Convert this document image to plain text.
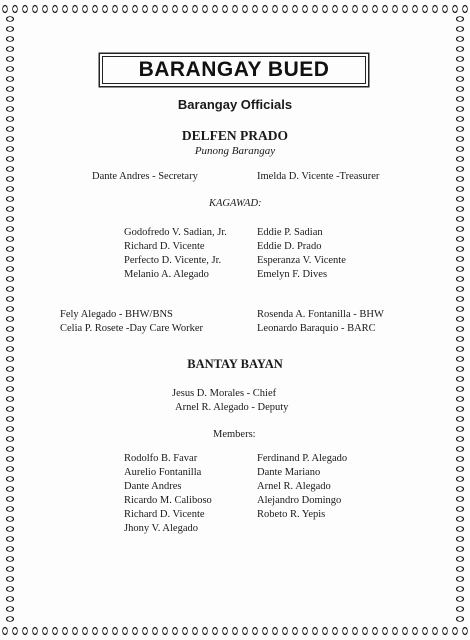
BARANGAY BUED
Barangay Officials
DELFEN PRADO
Punong Barangay
Dante Andres - Secretary	Imelda D. Vicente -Treasurer
KAGAWAD:
Godofredo V. Sadian, Jr.
Richard D. Vicente
Perfecto D. Vicente, Jr.
Melanio A. Alegado
Eddie P. Sadian
Eddie D. Prado
Esperanza V. Vicente
Emelyn F. Dives
Fely Alegado - BHW/BNS
Celia P. Rosete -Day Care Worker
Rosenda A. Fontanilla - BHW
Leonardo Baraquio - BARC
BANTAY BAYAN
Jesus D. Morales - Chief
Arnel R. Alegado - Deputy
Members:
Rodolfo B. Favar
Aurelio Fontanilla
Dante Andres
Ricardo M. Caliboso
Richard D. Vicente
Jhony V. Alegado
Ferdinand P. Alegado
Dante Mariano
Arnel R. Alegado
Alejandro Domingo
Robeto R. Yepis
